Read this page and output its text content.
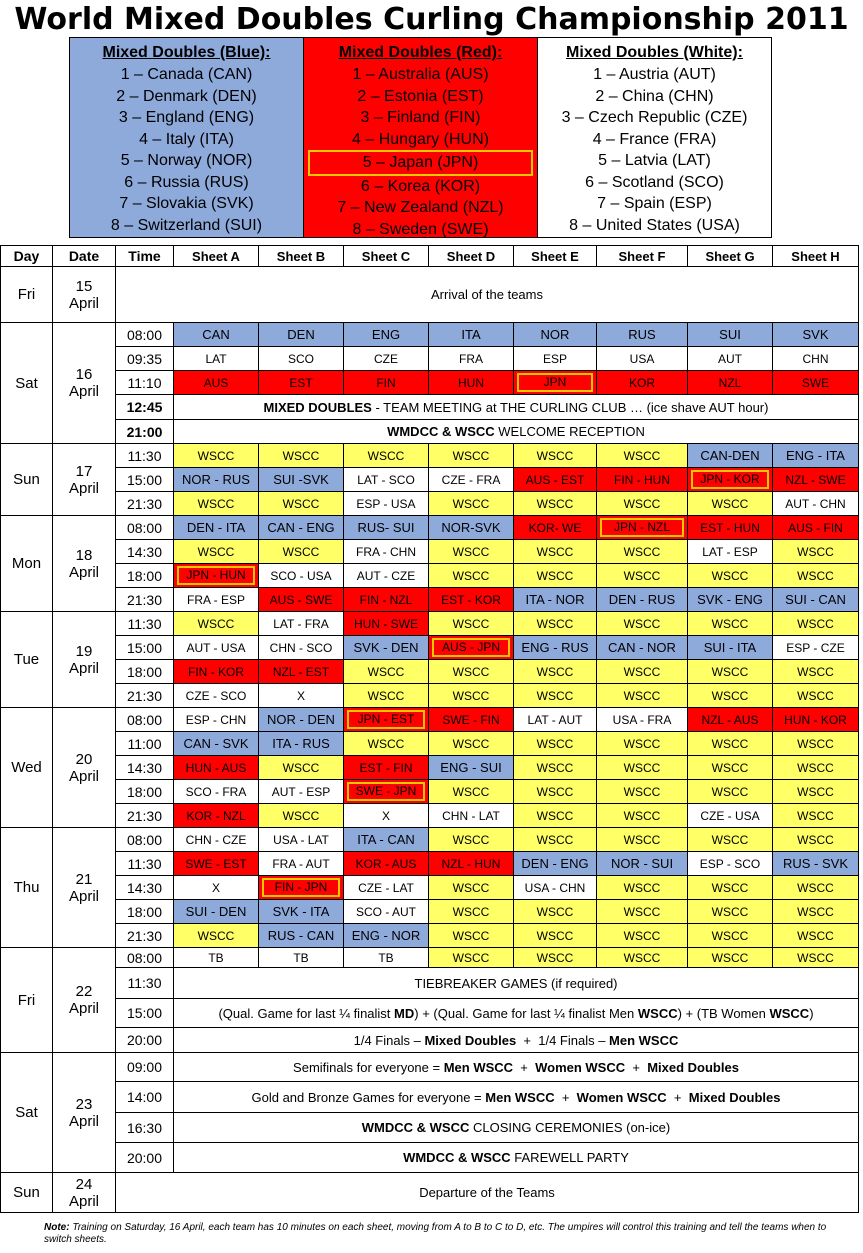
World Mixed Doubles Curling Championship 2011
Mixed Doubles (Blue):
1 – Canada (CAN)
2 – Denmark (DEN)
3 – England (ENG)
4 – Italy (ITA)
5 – Norway (NOR)
6 – Russia (RUS)
7 – Slovakia (SVK)
8 – Switzerland (SUI)
Mixed Doubles (Red):
1 – Australia (AUS)
2 – Estonia (EST)
3 – Finland (FIN)
4 – Hungary (HUN)
5 – Japan (JPN)
6 – Korea (KOR)
7 – New Zealand (NZL)
8 – Sweden (SWE)
Mixed Doubles (White):
1 – Austria (AUT)
2 – China (CHN)
3 – Czech Republic (CZE)
4 – France (FRA)
5 – Latvia (LAT)
6 – Scotland (SCO)
7 – Spain (ESP)
8 – United States (USA)
Day	Date	Time	Sheet A	Sheet B	Sheet C	Sheet D	Sheet E	Sheet F	Sheet G	Sheet H
Fri	15
April	Arrival of the teams								
Sat	16
April	08:00	CAN	DEN	ENG	ITA	NOR	RUS	SUI	SVK
		09:35	LAT	SCO	CZE	FRA	ESP	USA	AUT	CHN
		11:10	AUS	EST	FIN	HUN	JPN	KOR	NZL	SWE
		12:45	MIXED DOUBLES - TEAM MEETING at THE CURLING CLUB … (ice shave AUT hour)							
		21:00	WMDCC & WSCC WELCOME RECEPTION							
Sun	17
April	11:30	WSCC	WSCC	WSCC	WSCC	WSCC	WSCC	CAN-DEN	ENG - ITA
		15:00	NOR - RUS	SUI -SVK	LAT - SCO	CZE - FRA	AUS - EST	FIN - HUN	JPN - KOR	NZL - SWE
		21:30	WSCC	WSCC	ESP - USA	WSCC	WSCC	WSCC	WSCC	AUT - CHN
Mon	18
April	08:00	DEN - ITA	CAN - ENG	RUS- SUI	NOR-SVK	KOR- WE	JPN - NZL	EST - HUN	AUS - FIN
		14:30	WSCC	WSCC	FRA - CHN	WSCC	WSCC	WSCC	LAT - ESP	WSCC
		18:00	JPN - HUN	SCO - USA	AUT - CZE	WSCC	WSCC	WSCC	WSCC	WSCC
		21:30	FRA - ESP	AUS - SWE	FIN - NZL	EST - KOR	ITA - NOR	DEN - RUS	SVK - ENG	SUI - CAN
Tue	19
April	11:30	WSCC	LAT - FRA	HUN - SWE	WSCC	WSCC	WSCC	WSCC	WSCC
		15:00	AUT - USA	CHN - SCO	SVK - DEN	AUS - JPN	ENG - RUS	CAN - NOR	SUI - ITA	ESP - CZE
		18:00	FIN - KOR	NZL - EST	WSCC	WSCC	WSCC	WSCC	WSCC	WSCC
		21:30	CZE - SCO	X	WSCC	WSCC	WSCC	WSCC	WSCC	WSCC
Wed	20
April	08:00	ESP - CHN	NOR - DEN	JPN - EST	SWE - FIN	LAT - AUT	USA - FRA	NZL - AUS	HUN - KOR
		11:00	CAN - SVK	ITA - RUS	WSCC	WSCC	WSCC	WSCC	WSCC	WSCC
		14:30	HUN - AUS	WSCC	EST - FIN	ENG - SUI	WSCC	WSCC	WSCC	WSCC
		18:00	SCO - FRA	AUT - ESP	SWE - JPN	WSCC	WSCC	WSCC	WSCC	WSCC
		21:30	KOR - NZL	WSCC	X	CHN - LAT	WSCC	WSCC	CZE - USA	WSCC
Thu	21
April	08:00	CHN - CZE	USA - LAT	ITA - CAN	WSCC	WSCC	WSCC	WSCC	WSCC
		11:30	SWE - EST	FRA - AUT	KOR - AUS	NZL - HUN	DEN - ENG	NOR - SUI	ESP - SCO	RUS - SVK
		14:30	X	FIN - JPN	CZE - LAT	WSCC	USA - CHN	WSCC	WSCC	WSCC
		18:00	SUI - DEN	SVK - ITA	SCO - AUT	WSCC	WSCC	WSCC	WSCC	WSCC
		21:30	WSCC	RUS - CAN	ENG - NOR	WSCC	WSCC	WSCC	WSCC	WSCC
Fri	22
April	08:00	TB	TB	TB	WSCC	WSCC	WSCC	WSCC	WSCC
		11:30	TIEBREAKER GAMES (if required)							
		15:00	(Qual. Game for last ¼ finalist MD) + (Qual. Game for last ¼ finalist Men WSCC) + (TB Women WSCC)							
		20:00	1/4 Finals – Mixed Doubles  +  1/4 Finals – Men WSCC							
Sat	23
April	09:00	Semifinals for everyone = Men WSCC  +  Women WSCC  +  Mixed Doubles							
		14:00	Gold and Bronze Games for everyone = Men WSCC  +  Women WSCC  +  Mixed Doubles							
		16:30	WMDCC & WSCC CLOSING CEREMONIES (on-ice)							
		20:00	WMDCC & WSCC FAREWELL PARTY							
Sun	24
April	Departure of the Teams								
Note: Training on Saturday, 16 April, each team has 10 minutes on each sheet, moving from A to B to C to D, etc. The umpires will control this training and tell the teams when to switch sheets.
